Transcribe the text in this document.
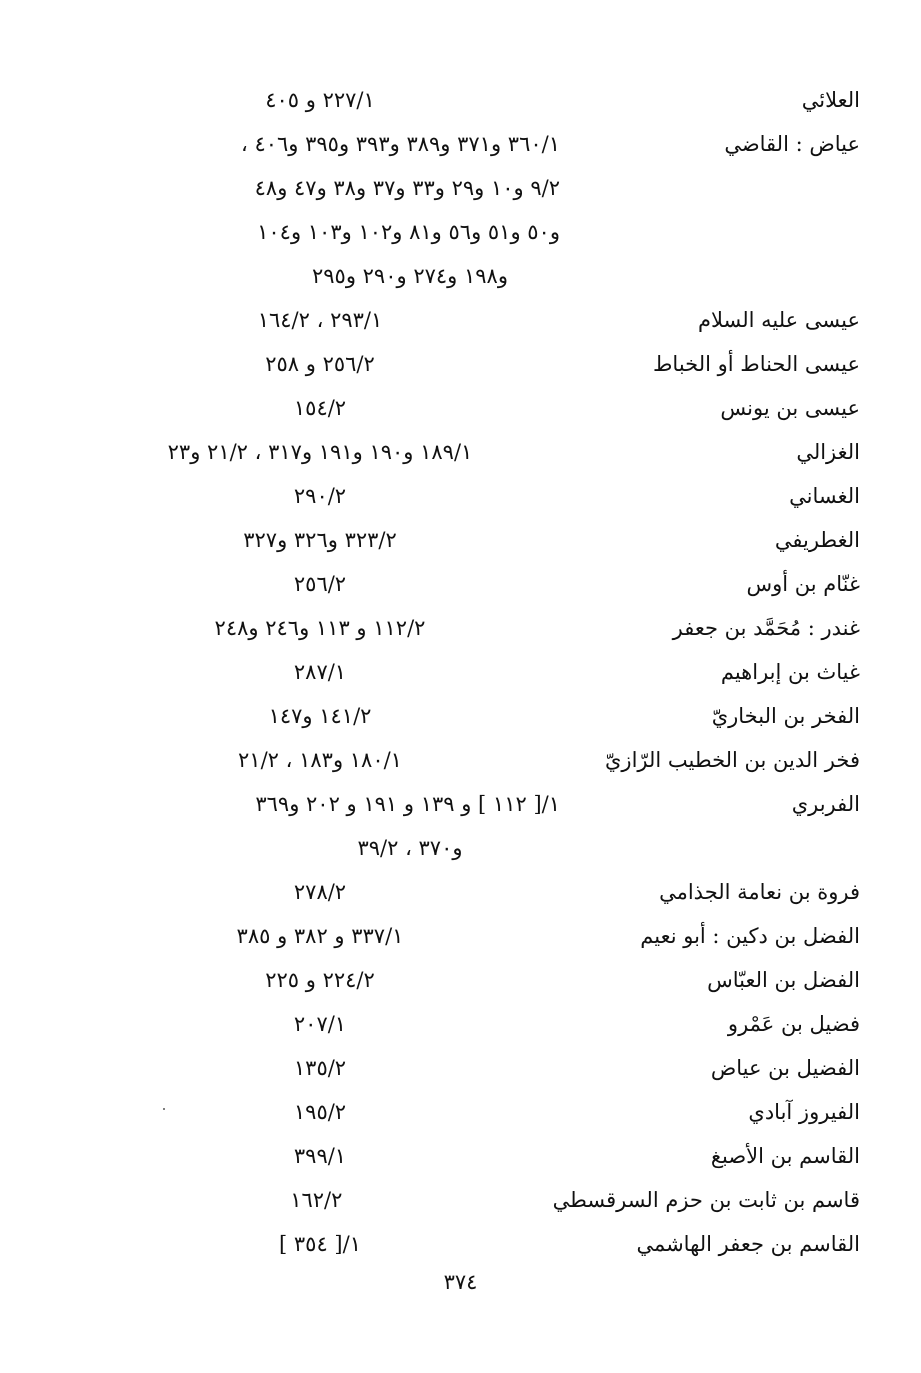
العلائي
٢٢٧/١ و ٤٠٥
عياض : القاضي
٣٦٠/١ و٣٧١ و٣٨٩ و٣٩٣ و٣٩٥ و٤٠٦ ،
٩/٢ و١٠ و٢٩ و٣٣ و٣٧ و٣٨ و٤٧ و٤٨
و٥٠ و٥١ و٥٦ و٨١ و١٠٢ و١٠٣ و١٠٤
و١٩٨ و٢٧٤ و٢٩٠ و٢٩٥
عيسى عليه السلام
٢٩٣/١ ، ١٦٤/٢
عيسى الحناط أو الخباط
٢٥٦/٢ و ٢٥٨
عيسى بن يونس
١٥٤/٢
الغزالي
١٨٩/١ و١٩٠ و١٩١ و٣١٧ ، ٢١/٢ و٢٣
الغساني
٢٩٠/٢
الغطريفي
٣٢٣/٢ و٣٢٦ و٣٢٧
غنّام بن أوس
٢٥٦/٢
غندر : مُحَمَّد بن جعفر
١١٢/٢ و ١١٣ و٢٤٦ و٢٤٨
غياث بن إبراهيم
٢٨٧/١
الفخر بن البخاريّ
١٤١/٢ و١٤٧
فخر الدين بن الخطيب الرّازيّ
١٨٠/١ و١٨٣ ، ٢١/٢
الفربري
١/[ ١١٢ ] و ١٣٩ و ١٩١ و ٢٠٢ و٣٦٩
و٣٧٠ ، ٣٩/٢
فروة بن نعامة الجذامي
٢٧٨/٢
الفضل بن دكين : أبو نعيم
٣٣٧/١ و ٣٨٢ و ٣٨٥
الفضل بن العبّاس
٢٢٤/٢ و ٢٢٥
فضيل بن عَمْرو
٢٠٧/١
الفضيل بن عياض
١٣٥/٢
الفيروز آبادي
١٩٥/٢
القاسم بن الأصبغ
٣٩٩/١
قاسم بن ثابت بن حزم السرقسطي
١٦٢/٢
القاسم بن جعفر الهاشمي
١/[ ٣٥٤ ]
٣٧٤
